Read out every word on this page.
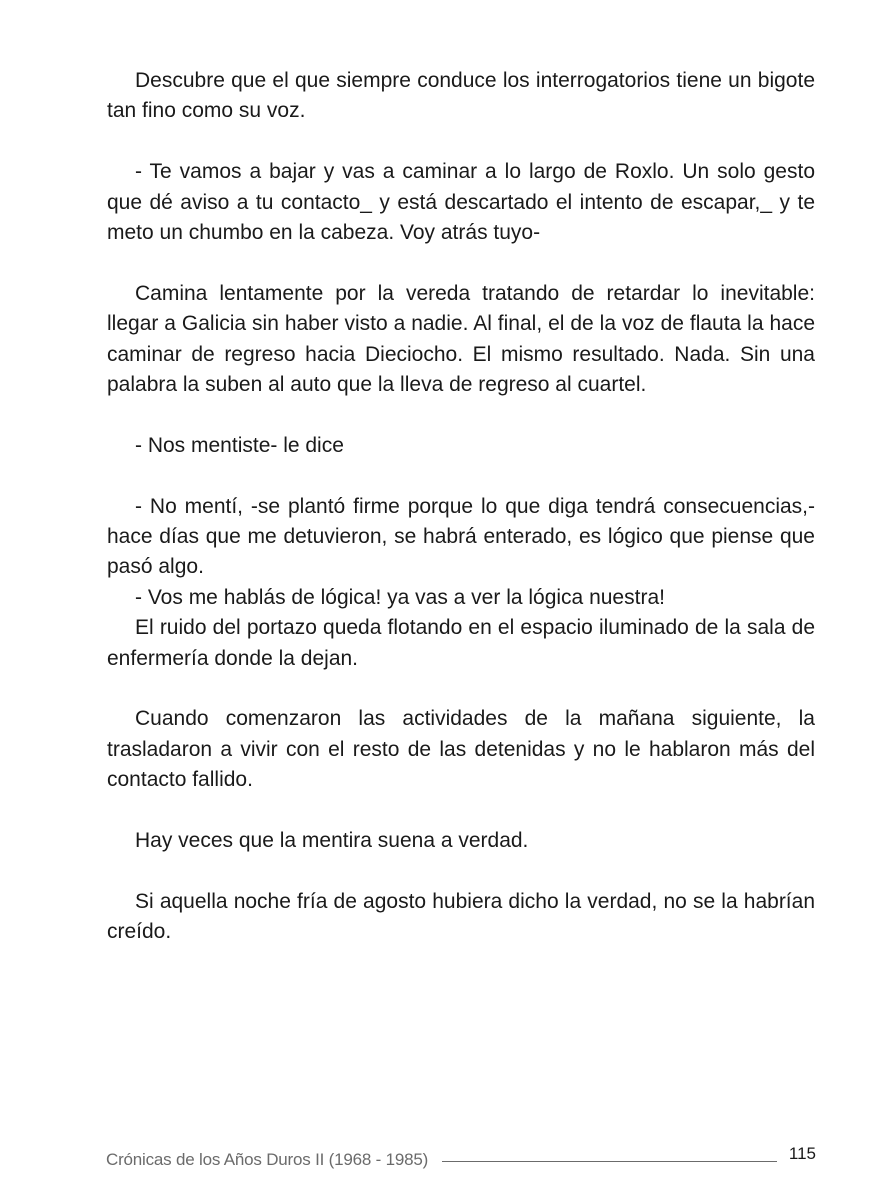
Descubre que el que siempre conduce los interrogatorios tiene un bigote tan fino como su voz.

- Te vamos a bajar y vas a caminar a lo largo de Roxlo. Un solo gesto que dé aviso a tu contacto_ y está descartado el intento de escapar,_ y te meto un chumbo en la cabeza. Voy atrás tuyo-

Camina lentamente por la vereda tratando de retardar lo inevitable: llegar a Galicia sin haber visto a nadie. Al final, el de la voz de flauta la hace caminar de regreso hacia Dieciocho. El mismo resultado. Nada. Sin una palabra la suben al auto que la lleva de regreso al cuartel.

- Nos mentiste- le dice

- No mentí, -se plantó firme porque lo que diga tendrá consecuencias,- hace días que me detuvieron, se habrá enterado, es lógico que piense que pasó algo.

- Vos me hablás de lógica! ya vas a ver la lógica nuestra!

El ruido del portazo queda flotando en el espacio iluminado de la sala de enfermería donde la dejan.

Cuando comenzaron las actividades de la mañana siguiente, la trasladaron a vivir con el resto de las detenidas y no le hablaron más del contacto fallido.

Hay veces que la mentira suena a verdad.

Si aquella noche fría de agosto hubiera dicho la verdad, no se la habrían creído.

Crónicas de los Años Duros II (1968 - 1985)	115
